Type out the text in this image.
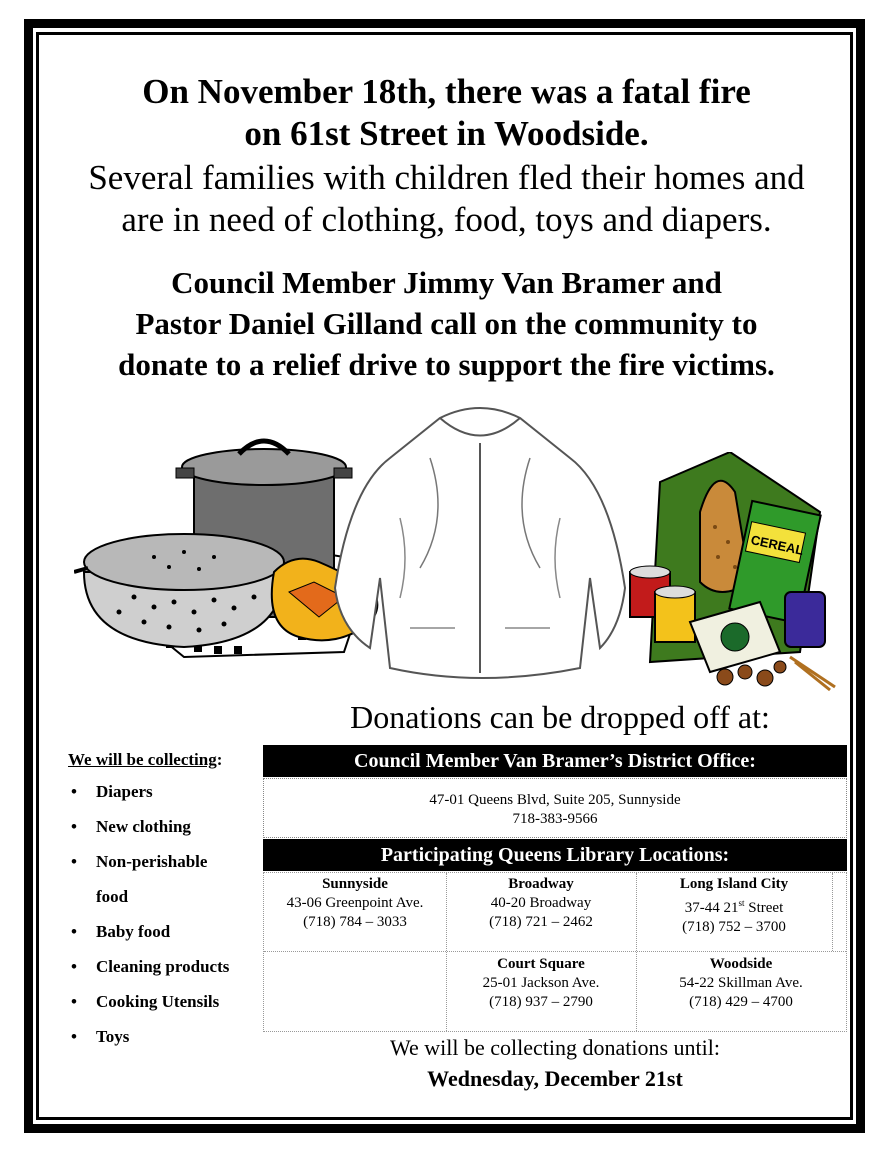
On November 18th, there was a fatal fire
on 61st Street in Woodside.
Several families with children fled their homes and
are in need of clothing, food, toys and diapers.
Council Member Jimmy Van Bramer and
Pastor Daniel Gilland call on the community to
donate to a relief drive to support the fire victims.
CEREAL
Donations can be dropped off at:
We will be collecting:
• Diapers
• New clothing
• Non-perishable
food
• Baby food
• Cleaning products
• Cooking Utensils
• Toys
Council Member Van Bramer’s District Office:
47-01 Queens Blvd, Suite 205, Sunnyside
718-383-9566
Participating Queens Library Locations:
Sunnyside
43-06 Greenpoint Ave.
(718) 784 – 3033
Broadway
40-20 Broadway
(718) 721 – 2462
Long Island City
37-44 21st Street
(718) 752 – 3700
Court Square
25-01 Jackson Ave.
(718) 937 – 2790
Woodside
54-22 Skillman Ave.
(718) 429 – 4700
We will be collecting donations until:
Wednesday, December 21st
